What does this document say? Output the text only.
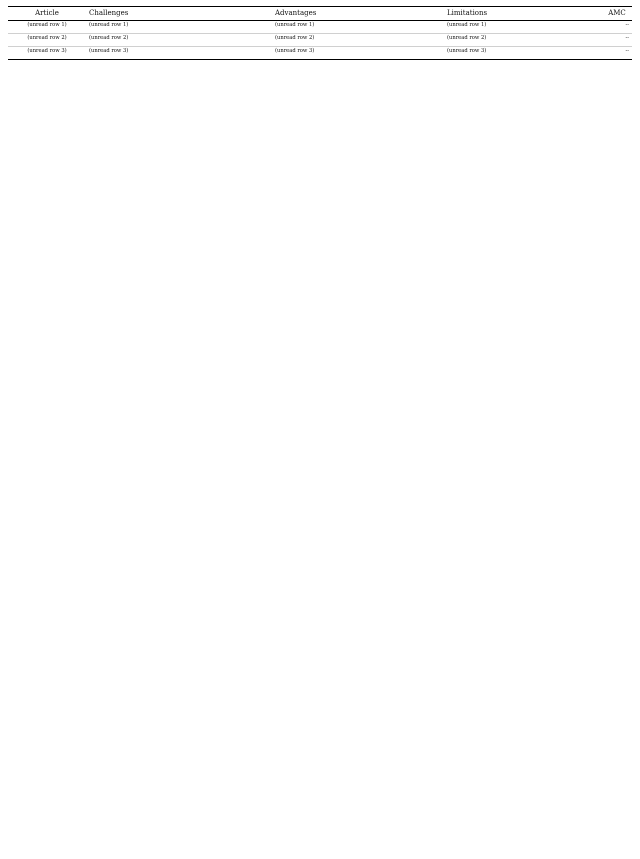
Article	Challenges	Advantages	Limitations	AMC
(unread row 1)	(unread row 1)	(unread row 1)	(unread row 1)	--
(unread row 2)	(unread row 2)	(unread row 2)	(unread row 2)	--
(unread row 3)	(unread row 3)	(unread row 3)	(unread row 3)	--
